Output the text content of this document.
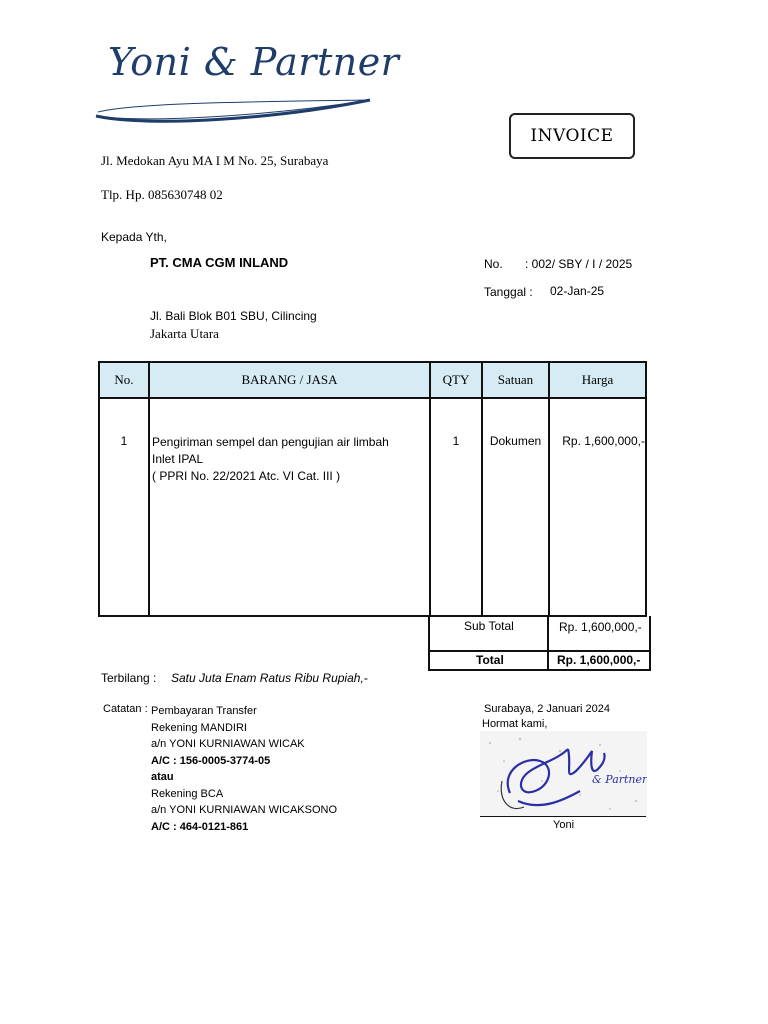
Yoni & Partner
INVOICE
Jl. Medokan Ayu MA I M No. 25, Surabaya
Tlp. Hp. 085630748 02
Kepada Yth,
PT. CMA CGM INLAND
Jl. Bali Blok B01 SBU, Cilincing
Jakarta Utara
No. : 002/ SBY / I / 2025
Tanggal : 02-Jan-25
No.	BARANG / JASA	QTY	Satuan	Harga

1	Pengiriman sempel dan pengujian air limbah
Inlet IPAL
( PPRI No. 22/2021 Atc. VI Cat. III )	1	Dokumen	Rp. 1,600,000,-
Sub Total	Rp. 1,600,000,-
Total	Rp. 1,600,000,-
Terbilang : Satu Juta Enam Ratus Ribu Rupiah,-
Catatan : Pembayaran Transfer
Rekening MANDIRI
a/n YONI KURNIAWAN WICAK
A/C : 156-0005-3774-05
atau
Rekening BCA
a/n YONI KURNIAWAN WICAKSONO
A/C : 464-0121-861
Surabaya, 2 Januari 2024
Hormat kami,
& Partner
Yoni
